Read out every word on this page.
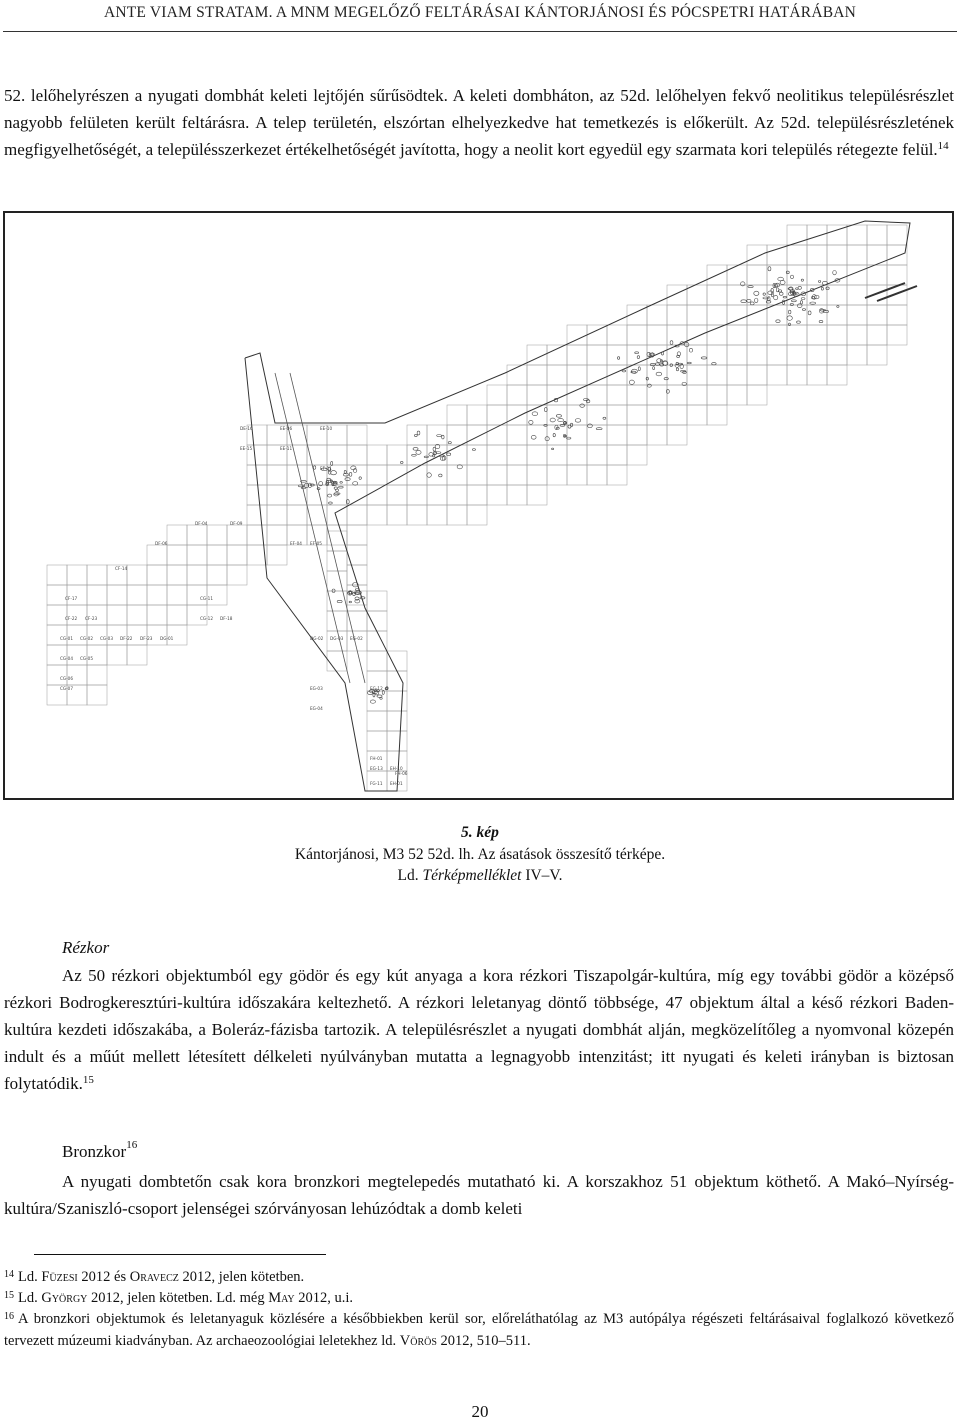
ANTE VIAM STRATAM. A MNM MEGELŐZŐ FELTÁRÁSAI KÁNTORJÁNOSI ÉS PÓCSPETRI HATÁRÁBAN
52. lelőhelyrészen a nyugati dombhát keleti lejtőjén sűrűsödtek. A keleti dombháton, az 52d. lelőhelyen fekvő neolitikus településrészlet nagyobb felületen került feltárásra. A telep területén, elszórtan elhelyezkedve hat temetkezés is előkerült. Az 52d. településrészletének megfigyelhetőségét, a településszerkezet értékelhetőségét javította, hogy a neolit kort egyedül egy szarmata kori település rétegezte felül.$^{14}$
DE-16	EE-06	EE-10
EE-15	EE-11
EF-11
DF-04	DF-09
DF-06	EF-04 EF-05
CF-14
CF-17
CF-22 CF-23
CG-01 CG-02 CG-03
CG-04 CG-05
CG-06
CG-07
CG-11
CG-12 DF-18
DF-22 DF-23 DG-01	DG-02 DG-03 EG-02
EG-03
EG-04
EG-12
EG-13
FG-11
FH-01
EH-01
EH-10
FH-06
5. kép
Kántorjánosi, M3 52 52d. lh. Az ásatások összesítő térképe.
Ld. Térképmelléklet IV–V.
Rézkor
Az 50 rézkori objektumból egy gödör és egy kút anyaga a kora rézkori Tiszapolgár-kultúra, míg egy további gödör a középső rézkori Bodrogkeresztúri-kultúra időszakára keltezhető. A rézkori leletanyag döntő többsége, 47 objektum által a késő rézkori Baden-kultúra kezdeti időszakába, a Boleráz-fázisba tartozik. A településrészlet a nyugati dombhát alján, megközelítőleg a nyomvonal közepén indult és a műút mellett létesített délkeleti nyúlványban mutatta a legnagyobb intenzitást; itt nyugati és keleti irányban is biztosan folytatódik.$^{15}$
Bronzkor$^{16}$
A nyugati dombtetőn csak kora bronzkori megtelepedés mutatható ki. A korszakhoz 51 objektum köthető. A Makó–Nyírség-kultúra/Szaniszló-csoport jelenségei szórványosan lehúzódtak a domb keleti
$^{14}$ Ld. Füzesi 2012 és Oravecz 2012, jelen kötetben.
$^{15}$ Ld. György 2012, jelen kötetben. Ld. még May 2012, u.i.
$^{16}$ A bronzkori objektumok és leletanyaguk közlésére a későbbiekben kerül sor, előreláthatólag az M3 autópálya régészeti feltárásaival foglalkozó következő tervezett múzeumi kiadványban. Az archaeozoológiai leletekhez ld. Vörös 2012, 510–511.
20
